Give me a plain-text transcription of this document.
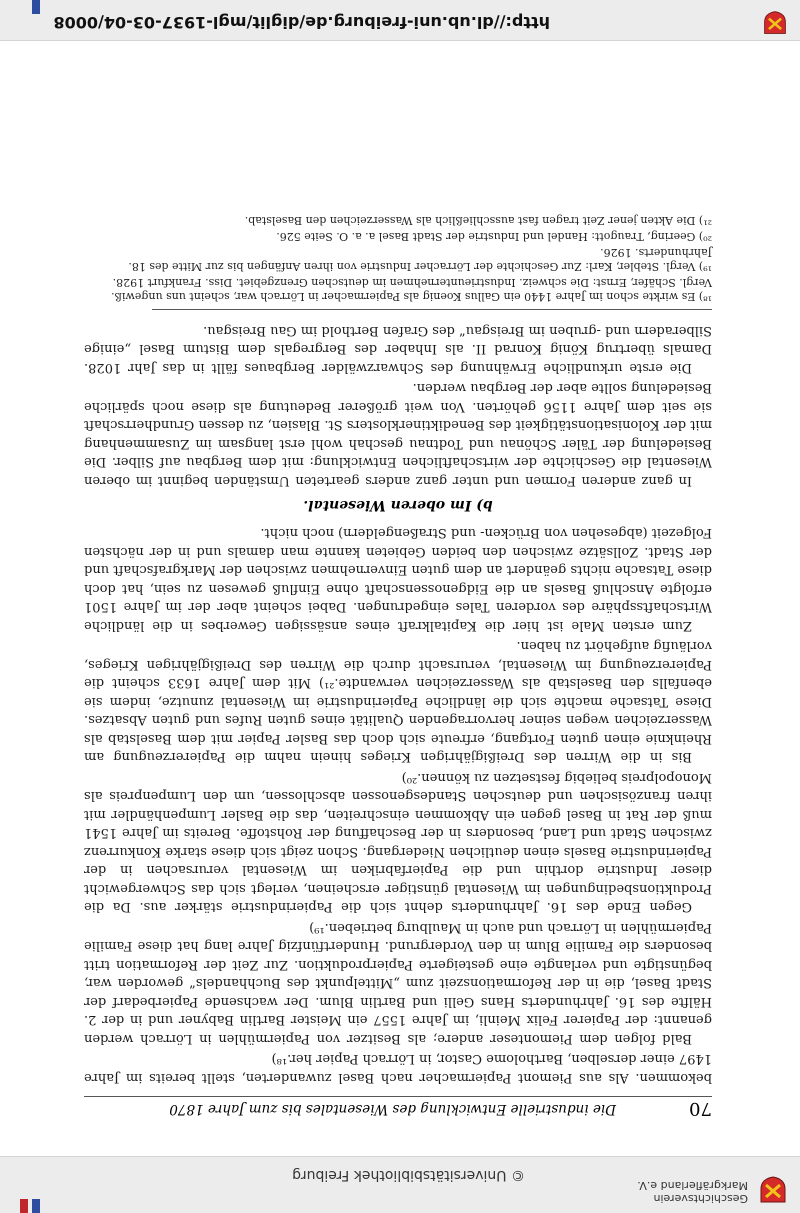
Geschichtsverein
Markgräflerland e.V.
© Universitätsbibliothek Freiburg
70
Die industrielle Entwicklung des Wiesentales bis zum Jahre 1870

bekommen. Als aus Piemont Papiermacher nach Basel zuwanderten, stellt bereits im Jahre 1497 einer derselben, Bartholome Castor, in Lörrach Papier her.¹⁸)

Bald folgen dem Piemonteser andere; als Besitzer von Papiermühlen in Lörrach werden genannt: der Papierer Felix Meinli, im Jahre 1557 ein Meister Bartlin Babyner und in der 2. Hälfte des 16. Jahrhunderts Hans Gelli und Bartlin Blum. Der wachsende Papierbedarf der Stadt Basel, die in der Reformationszeit zum „Mittelpunkt des Buchhandels“ geworden war, begünstigte und verlangte eine gesteigerte Papierproduktion. Zur Zeit der Reformation tritt besonders die Familie Blum in den Vordergrund. Hundertfünfzig Jahre lang hat diese Familie Papiermühlen in Lörrach und auch in Maulburg betrieben.¹⁹)

Gegen Ende des 16. Jahrhunderts dehnt sich die Papierindustrie stärker aus. Da die Produktionsbedingungen im Wiesental günstiger erscheinen, verlegt sich das Schwergewicht dieser Industrie dorthin und die Papierfabriken im Wiesental verursachen in der Papierindustrie Basels einen deutlichen Niedergang. Schon zeigt sich diese starke Konkurrenz zwischen Stadt und Land, besonders in der Beschaffung der Rohstoffe. Bereits im Jahre 1541 muß der Rat in Basel gegen ein Abkommen einschreiten, das die Basler Lumpenhändler mit ihren französischen und deutschen Standesgenossen abschlossen, um den Lumpenpreis als Monopolpreis beliebig festsetzen zu können.²⁰)

Bis in die Wirren des Dreißigjährigen Krieges hinein nahm die Papiererzeugung am Rheinknie einen guten Fortgang, erfreute sich doch das Basler Papier mit dem Baselstab als Wasserzeichen wegen seiner hervorragenden Qualität eines guten Rufes und guten Absatzes. Diese Tatsache machte sich die ländliche Papierindustrie im Wiesental zunutze, indem sie ebenfalls den Baselstab als Wasserzeichen verwandte.²¹) Mit dem Jahre 1633 scheint die Papiererzeugung im Wiesental, verursacht durch die Wirren des Dreißigjährigen Krieges, vorläufig aufgehört zu haben.

Zum ersten Male ist hier die Kapitalkraft eines ansässigen Gewerbes in die ländliche Wirtschaftssphäre des vorderen Tales eingedrungen. Dabei scheint aber der im Jahre 1501 erfolgte Anschluß Basels an die Eidgenossenschaft ohne Einfluß gewesen zu sein, hat doch diese Tatsache nichts geändert an dem guten Einvernehmen zwischen der Markgrafschaft und der Stadt. Zollsätze zwischen den beiden Gebieten kannte man damals und in der nächsten Folgezeit (abgesehen von Brücken- und Straßengeldern) noch nicht.

b) Im oberen Wiesental.

In ganz anderen Formen und unter ganz anders gearteten Umständen beginnt im oberen Wiesental die Geschichte der wirtschaftlichen Entwicklung: mit dem Bergbau auf Silber. Die Besiedelung der Täler Schönau und Todtnau geschah wohl erst langsam im Zusammenhang mit der Kolonisationstätigkeit des Benediktinerklosters St. Blasien, zu dessen Grundherrschaft sie seit dem Jahre 1156 gehörten. Von weit größerer Bedeutung als diese noch spärliche Besiedelung sollte aber der Bergbau werden.

Die erste urkundliche Erwähnung des Schwarzwälder Bergbaues fällt in das Jahr 1028. Damals übertrug König Konrad II. als Inhaber des Bergregals dem Bistum Basel „einige Silberadern und -gruben im Breisgau“ des Grafen Berthold im Gau Breisgau.

¹⁸) Es wirkte schon im Jahre 1440 ein Gallus Koenig als Papiermacher in Lörrach war, scheint uns ungewiß. Vergl. Schäfer, Ernst: Die schweiz. Industrieunternehmen im deutschen Grenzgebiet. Diss. Frankfurt 1928.

¹⁹) Vergl. Stebler, Karl: Zur Geschichte der Lörracher Industrie von ihren Anfängen bis zur Mitte des 18. Jahrhunderts. 1926.

²⁰) Geering, Traugott: Handel und Industrie der Stadt Basel a. a. O. Seite 526.

²¹) Die Akten jener Zeit tragen fast ausschließlich als Wasserzeichen den Baselstab.

http://dl.ub.uni-freiburg.de/diglit/mgl-1937-03-04/0008
